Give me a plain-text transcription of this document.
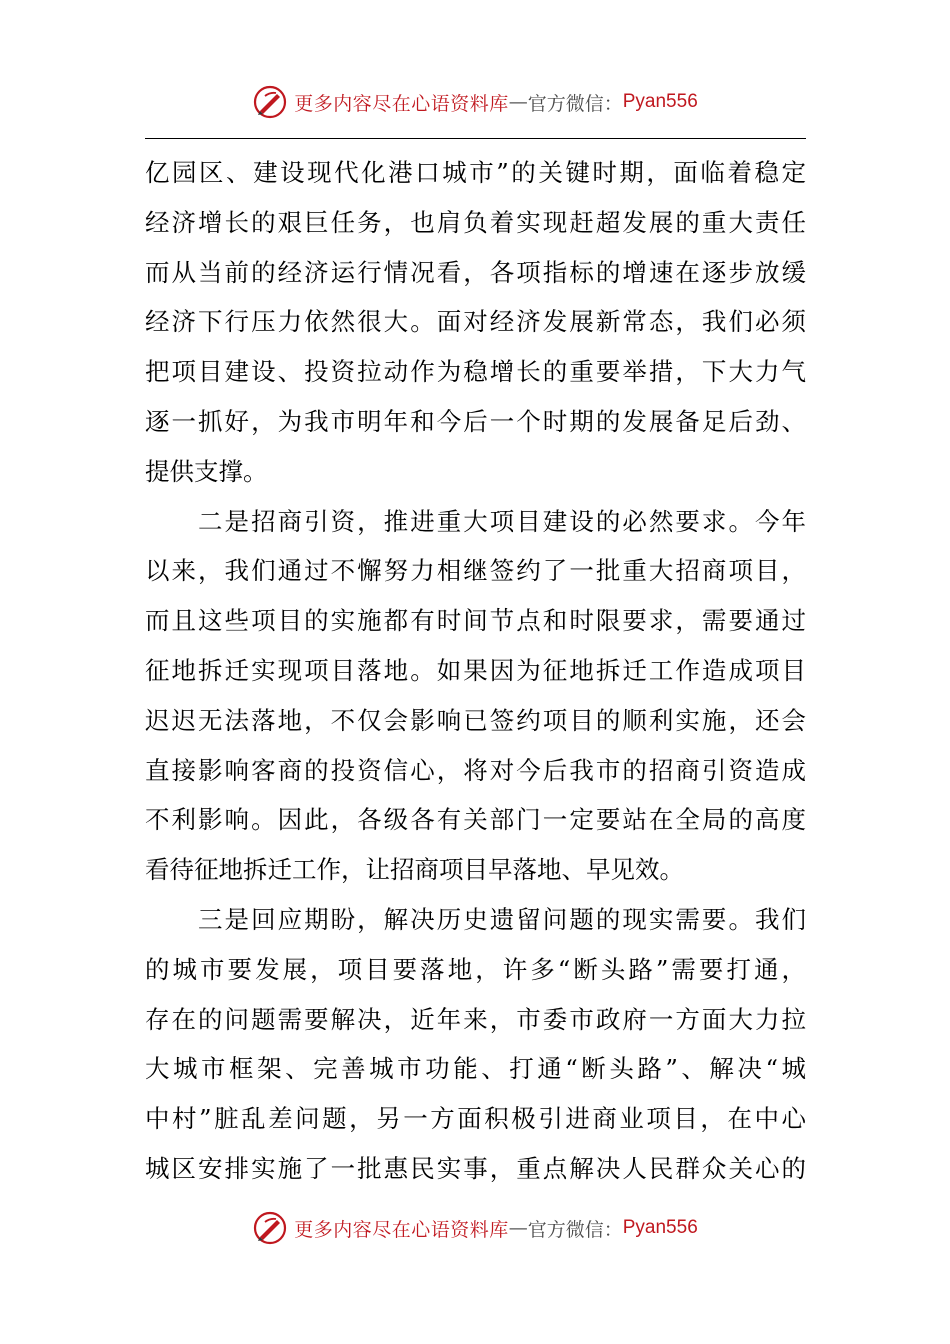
更多内容尽在心语资料库 — 官方微信： Pyan556
亿园区、建设现代化港口城市”的关键时期，面临着稳定
经济增长的艰巨任务，也肩负着实现赶超发展的重大责任
而从当前的经济运行情况看，各项指标的增速在逐步放缓
经济下行压力依然很大。面对经济发展新常态，我们必须
把项目建设、投资拉动作为稳增长的重要举措，下大力气
逐一抓好，为我市明年和今后一个时期的发展备足后劲、
提供支撑。
　　二是招商引资，推进重大项目建设的必然要求。今年
以来，我们通过不懈努力相继签约了一批重大招商项目，
而且这些项目的实施都有时间节点和时限要求，需要通过
征地拆迁实现项目落地。如果因为征地拆迁工作造成项目
迟迟无法落地，不仅会影响已签约项目的顺利实施，还会
直接影响客商的投资信心，将对今后我市的招商引资造成
不利影响。因此，各级各有关部门一定要站在全局的高度
看待征地拆迁工作，让招商项目早落地、早见效。
　　三是回应期盼，解决历史遗留问题的现实需要。我们
的城市要发展，项目要落地，许多“断头路”需要打通，
存在的问题需要解决，近年来，市委市政府一方面大力拉
大城市框架、完善城市功能、打通“断头路”、解决“城
中村”脏乱差问题，另一方面积极引进商业项目，在中心
城区安排实施了一批惠民实事，重点解决人民群众关心的
更多内容尽在心语资料库 — 官方微信： Pyan556
